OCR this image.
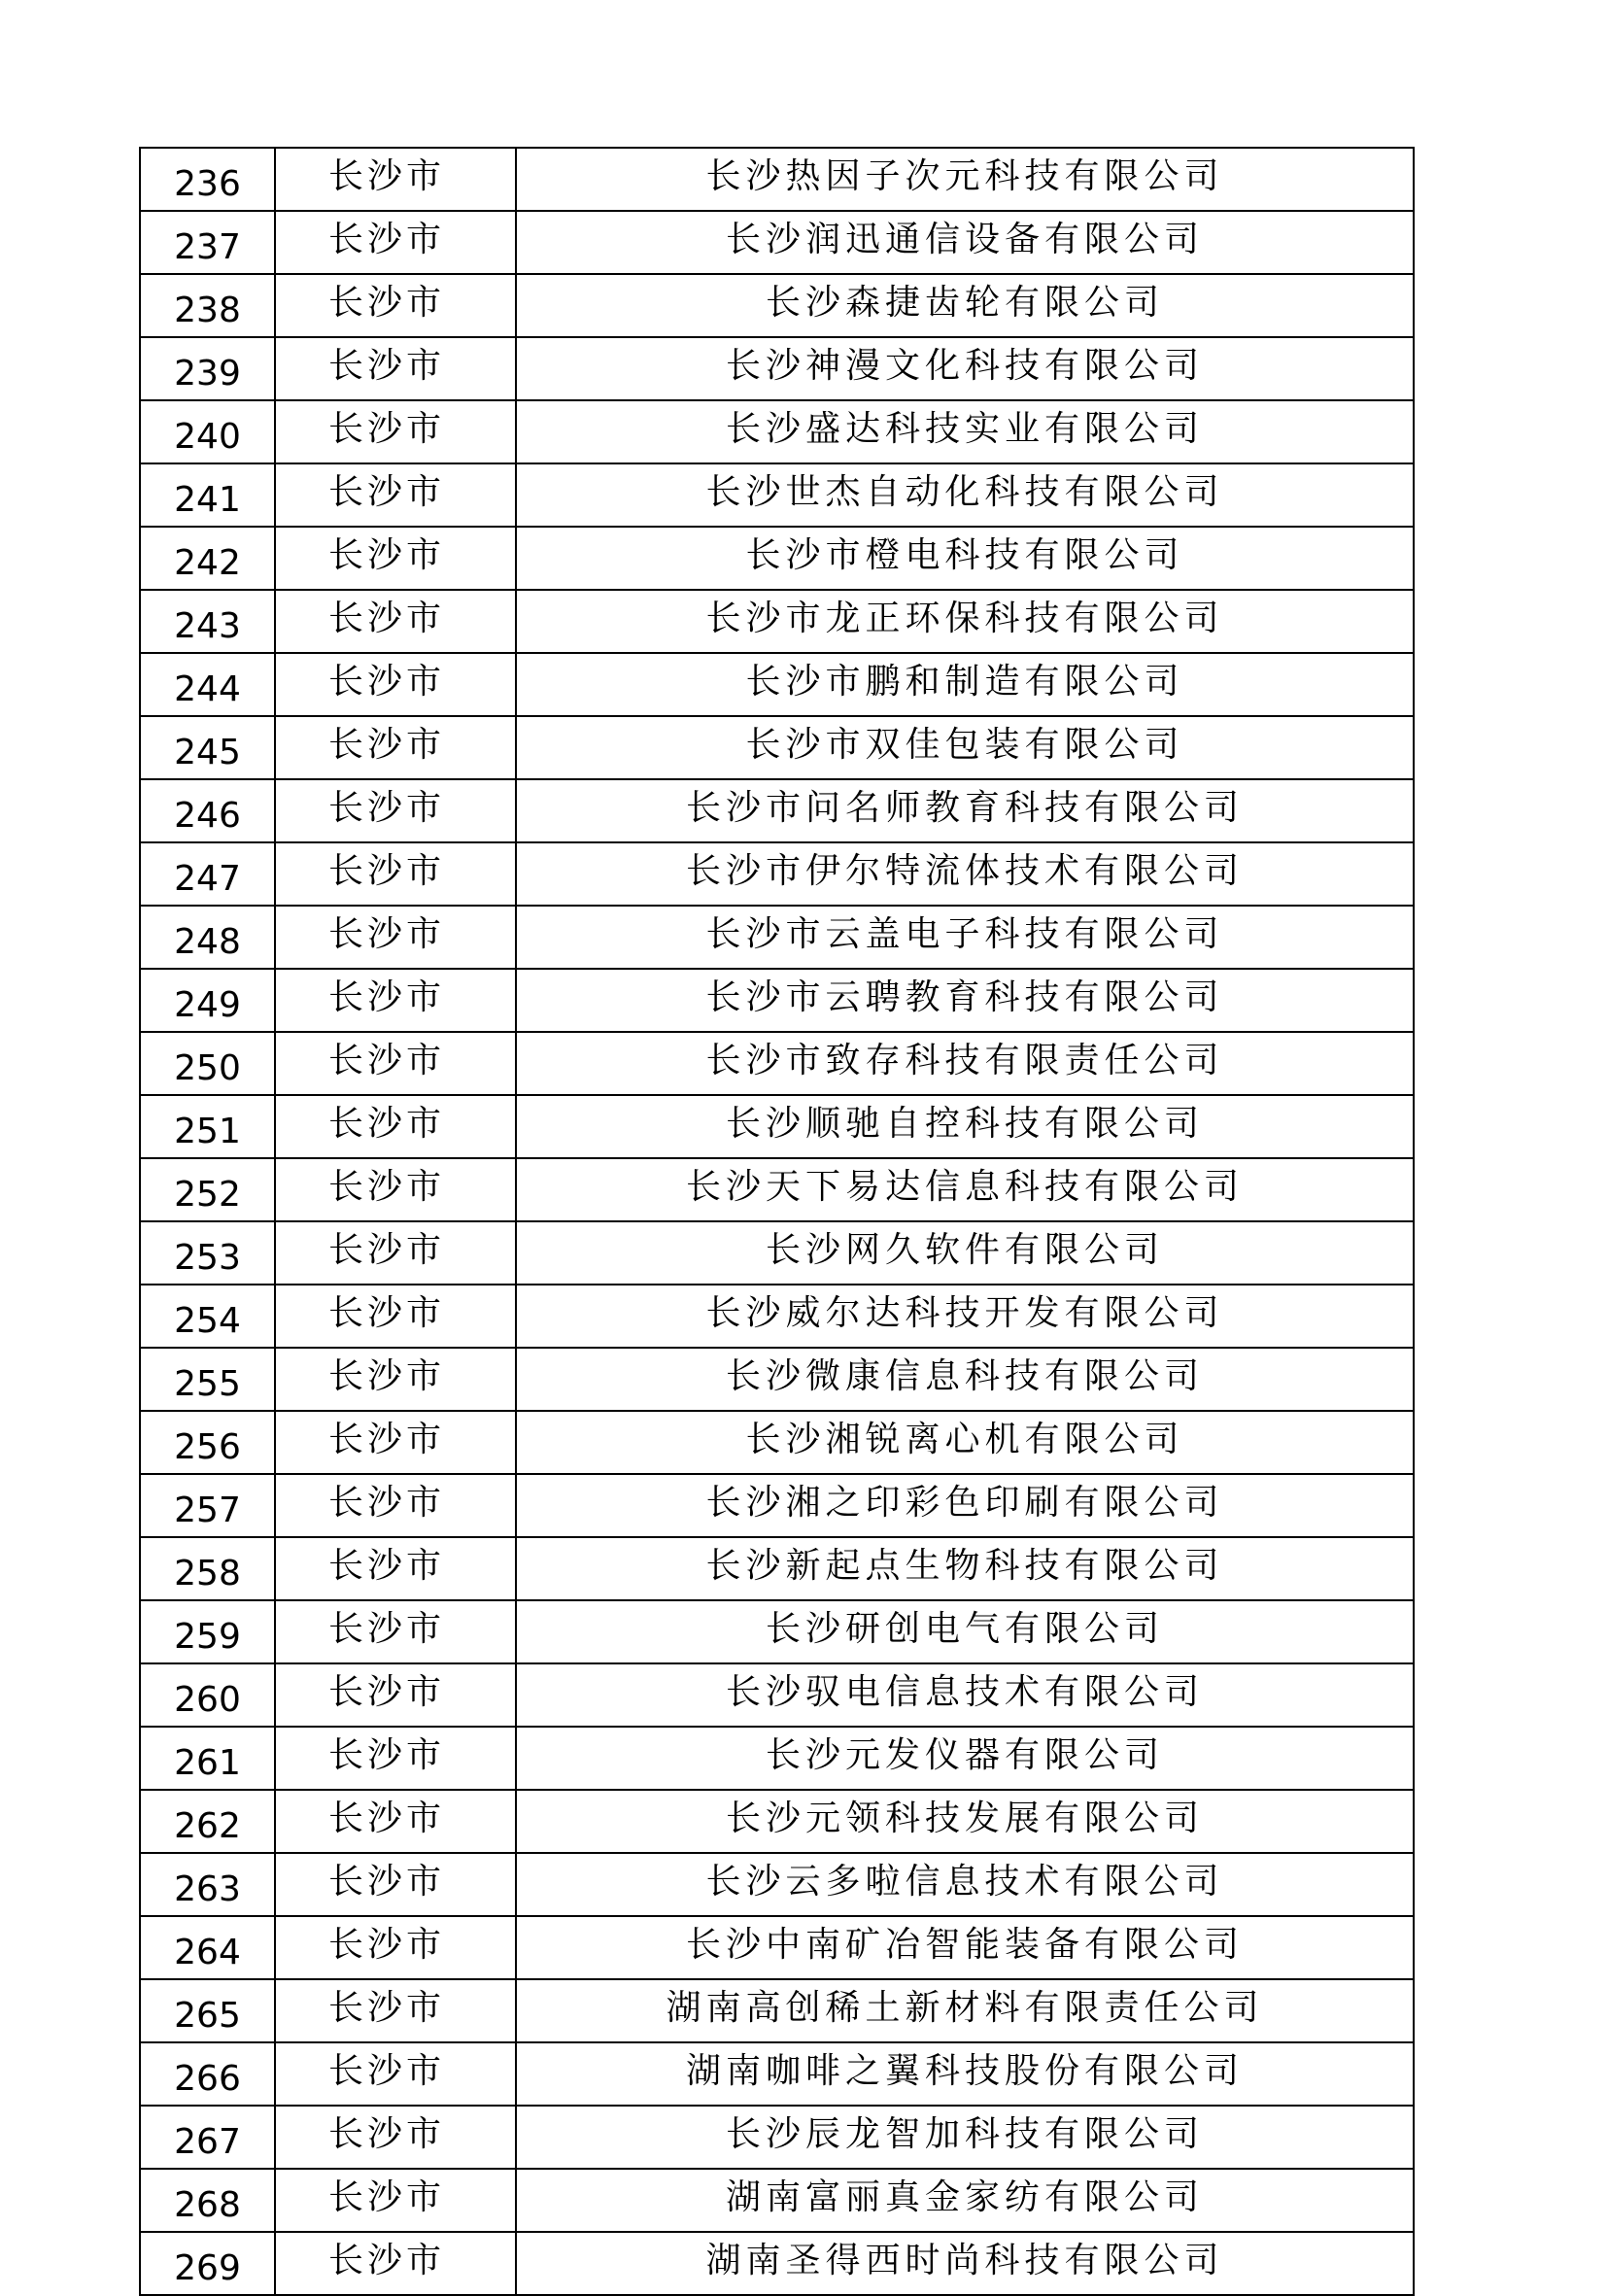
236	长沙市	长沙热因子次元科技有限公司
237	长沙市	长沙润迅通信设备有限公司
238	长沙市	长沙森捷齿轮有限公司
239	长沙市	长沙神漫文化科技有限公司
240	长沙市	长沙盛达科技实业有限公司
241	长沙市	长沙世杰自动化科技有限公司
242	长沙市	长沙市橙电科技有限公司
243	长沙市	长沙市龙正环保科技有限公司
244	长沙市	长沙市鹏和制造有限公司
245	长沙市	长沙市双佳包装有限公司
246	长沙市	长沙市问名师教育科技有限公司
247	长沙市	长沙市伊尔特流体技术有限公司
248	长沙市	长沙市云盖电子科技有限公司
249	长沙市	长沙市云聘教育科技有限公司
250	长沙市	长沙市致存科技有限责任公司
251	长沙市	长沙顺驰自控科技有限公司
252	长沙市	长沙天下易达信息科技有限公司
253	长沙市	长沙网久软件有限公司
254	长沙市	长沙威尔达科技开发有限公司
255	长沙市	长沙微康信息科技有限公司
256	长沙市	长沙湘锐离心机有限公司
257	长沙市	长沙湘之印彩色印刷有限公司
258	长沙市	长沙新起点生物科技有限公司
259	长沙市	长沙研创电气有限公司
260	长沙市	长沙驭电信息技术有限公司
261	长沙市	长沙元发仪器有限公司
262	长沙市	长沙元领科技发展有限公司
263	长沙市	长沙云多啦信息技术有限公司
264	长沙市	长沙中南矿冶智能装备有限公司
265	长沙市	湖南高创稀土新材料有限责任公司
266	长沙市	湖南咖啡之翼科技股份有限公司
267	长沙市	长沙辰龙智加科技有限公司
268	长沙市	湖南富丽真金家纺有限公司
269	长沙市	湖南圣得西时尚科技有限公司
